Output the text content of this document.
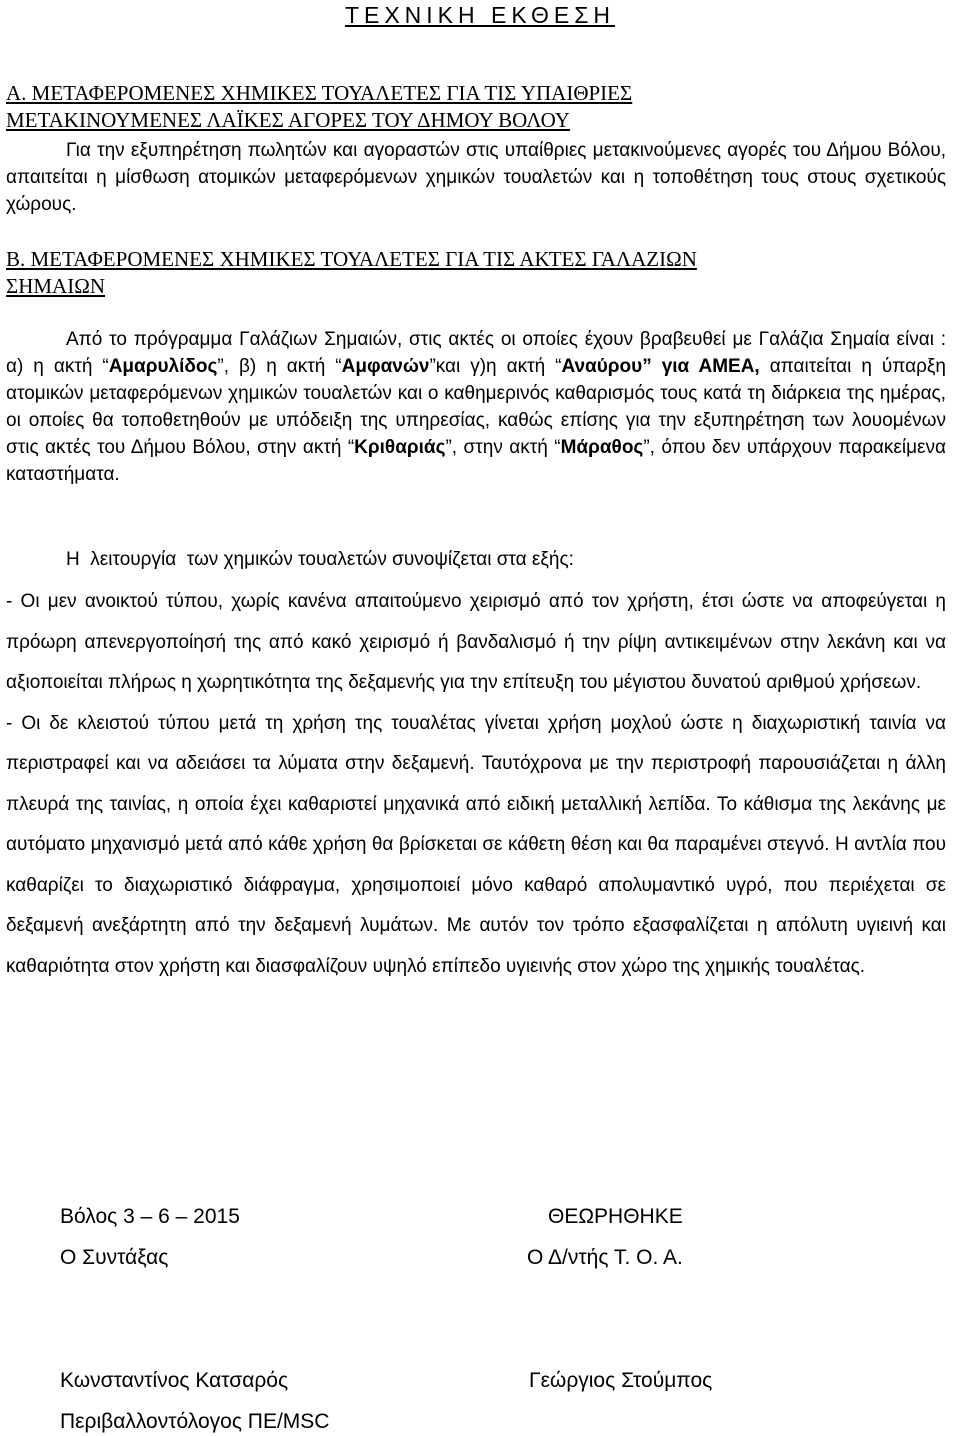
ΤΕΧΝΙΚΗ ΕΚΘΕΣΗ
Α. ΜΕΤΑΦΕΡΟΜΕΝΕΣ ΧΗΜΙΚΕΣ ΤΟΥΑΛΕΤΕΣ ΓΙΑ ΤΙΣ ΥΠΑΙΘΡΙΕΣ
ΜΕΤΑΚΙΝΟΥΜΕΝΕΣ ΛΑΪΚΕΣ ΑΓΟΡΕΣ ΤΟΥ ΔΗΜΟΥ ΒΟΛΟΥ
Για την εξυπηρέτηση πωλητών και αγοραστών στις υπαίθριες μετακινούμενες αγορές του Δήμου Βόλου, απαιτείται η μίσθωση ατομικών μεταφερόμενων χημικών τουαλετών και η τοποθέτηση τους στους σχετικούς χώρους.
Β. ΜΕΤΑΦΕΡΟΜΕΝΕΣ ΧΗΜΙΚΕΣ ΤΟΥΑΛΕΤΕΣ ΓΙΑ ΤΙΣ ΑΚΤΕΣ ΓΑΛΑΖΙΩΝ
ΣΗΜΑΙΩΝ
Από το πρόγραμμα Γαλάζιων Σημαιών, στις ακτές οι οποίες έχουν βραβευθεί με Γαλάζια Σημαία είναι : α) η ακτή “Αμαρυλίδος”, β) η ακτή “Αμφανών”και γ)η ακτή “Αναύρου” για ΑΜΕΑ, απαιτείται η ύπαρξη ατομικών μεταφερόμενων χημικών τουαλετών και ο καθημερινός καθαρισμός τους κατά τη διάρκεια της ημέρας, οι οποίες θα τοποθετηθούν με υπόδειξη της υπηρεσίας, καθώς επίσης για την εξυπηρέτηση των λουομένων στις ακτές του Δήμου Βόλου, στην ακτή “Κριθαριάς”, στην ακτή “Μάραθος”, όπου δεν υπάρχουν παρακείμενα καταστήματα.
Η  λειτουργία  των χημικών τουαλετών συνοψίζεται στα εξής:
- Οι μεν ανοικτού τύπου, χωρίς κανένα απαιτούμενο χειρισμό από τον χρήστη, έτσι ώστε να αποφεύγεται η πρόωρη απενεργοποίησή της από κακό χειρισμό ή βανδαλισμό ή την ρίψη αντικειμένων στην λεκάνη και να αξιοποιείται πλήρως η χωρητικότητα της δεξαμενής για την επίτευξη του μέγιστου δυνατού αριθμού χρήσεων.
- Οι δε κλειστού τύπου μετά τη χρήση της τουαλέτας γίνεται χρήση μοχλού ώστε η διαχωριστική ταινία να περιστραφεί και να αδειάσει τα λύματα στην δεξαμενή. Ταυτόχρονα με την περιστροφή παρουσιάζεται η άλλη πλευρά της ταινίας, η οποία έχει καθαριστεί μηχανικά από ειδική μεταλλική λεπίδα. Το κάθισμα της λεκάνης με αυτόματο μηχανισμό μετά από κάθε χρήση θα βρίσκεται σε κάθετη θέση και θα παραμένει στεγνό. Η αντλία που καθαρίζει το διαχωριστικό διάφραγμα, χρησιμοποιεί μόνο καθαρό απολυμαντικό υγρό, που περιέχεται σε δεξαμενή ανεξάρτητη από την δεξαμενή λυμάτων. Με αυτόν τον τρόπο εξασφαλίζεται η απόλυτη υγιεινή και καθαριότητα στον χρήστη και διασφαλίζουν υψηλό επίπεδο υγιεινής στον χώρο της χημικής τουαλέτας.
Βόλος 3 – 6 – 2015	ΘΕΩΡΗΘΗΚΕ
Ο Συντάξας	Ο Δ/ντής Τ. Ο. Α.
Κωνσταντίνος Κατσαρός	Γεώργιος Στούμπος
Περιβαλλοντόλογος ΠΕ/MSC
